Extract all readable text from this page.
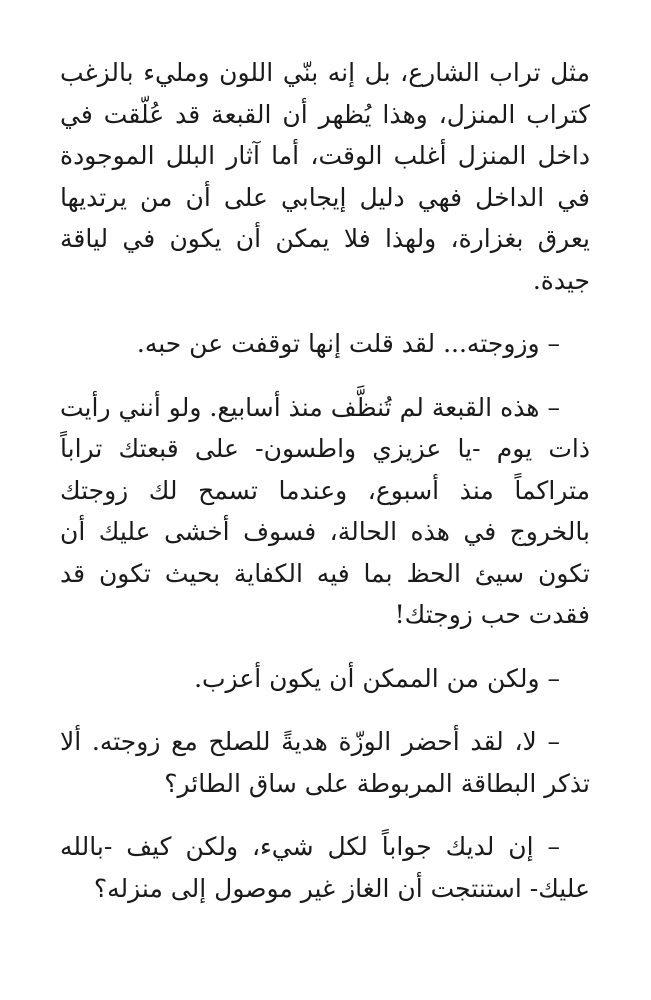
مثل تراب الشارع، بل إنه بنّي اللون ومليء بالزغب كتراب المنزل، وهذا يُظهر أن القبعة قد عُلّقت في داخل المنزل أغلب الوقت، أما آثار البلل الموجودة في الداخل فهي دليل إيجابي على أن من يرتديها يعرق بغزارة، ولهذا فلا يمكن أن يكون في لياقة جيدة.

– وزوجته... لقد قلت إنها توقفت عن حبه.

– هذه القبعة لم تُنظَّف منذ أسابيع. ولو أنني رأيت ذات يوم -يا عزيزي واطسون- على قبعتك تراباً متراكماً منذ أسبوع، وعندما تسمح لك زوجتك بالخروج في هذه الحالة، فسوف أخشى عليك أن تكون سيئ الحظ بما فيه الكفاية بحيث تكون قد فقدت حب زوجتك!

– ولكن من الممكن أن يكون أعزب.

– لا، لقد أحضر الوزّة هديةً للصلح مع زوجته. ألا تذكر البطاقة المربوطة على ساق الطائر؟

– إن لديك جواباً لكل شيء، ولكن كيف -بالله عليك- استنتجت أن الغاز غير موصول إلى منزله؟
